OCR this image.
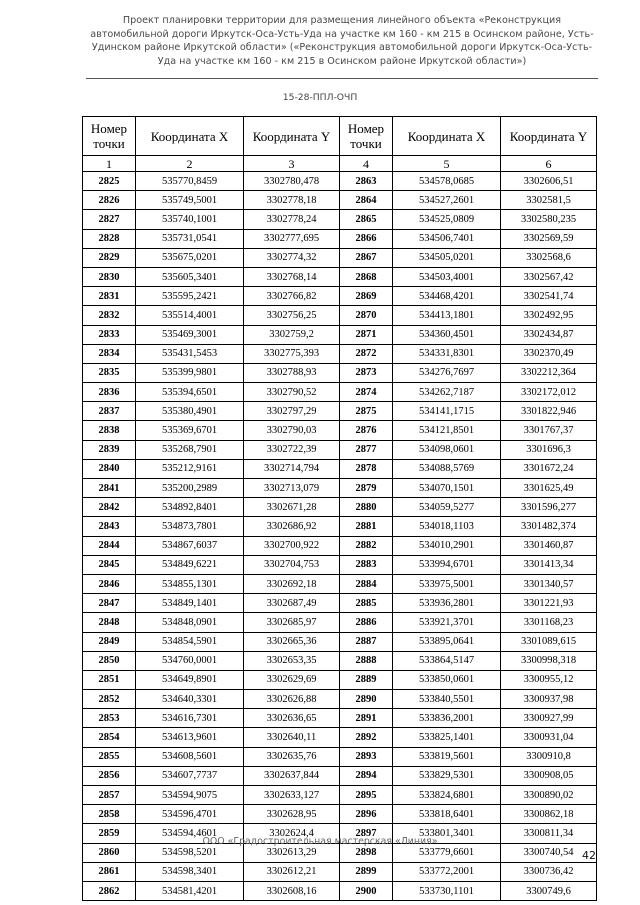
Проект планировки территории для размещения линейного объекта «Реконструкция автомобильной дороги Иркутск-Оса-Усть-Уда на участке км 160 - км 215 в Осинском районе, Усть-Удинском районе Иркутской области» («Реконструкция автомобильной дороги Иркутск-Оса-Усть-Уда на участке км 160 - км 215 в Осинском районе Иркутской области»)
15-28-ППЛ-ОЧП
Номер точки	Координата X	Координата Y	Номер точки	Координата X	Координата Y
1	2	3	4	5	6
2825	535770,8459	3302780,478	2863	534578,0685	3302606,51
2826	535749,5001	3302778,18	2864	534527,2601	3302581,5
2827	535740,1001	3302778,24	2865	534525,0809	3302580,235
2828	535731,0541	3302777,695	2866	534506,7401	3302569,59
2829	535675,0201	3302774,32	2867	534505,0201	3302568,6
2830	535605,3401	3302768,14	2868	534503,4001	3302567,42
2831	535595,2421	3302766,82	2869	534468,4201	3302541,74
2832	535514,4001	3302756,25	2870	534413,1801	3302492,95
2833	535469,3001	3302759,2	2871	534360,4501	3302434,87
2834	535431,5453	3302775,393	2872	534331,8301	3302370,49
2835	535399,9801	3302788,93	2873	534276,7697	3302212,364
2836	535394,6501	3302790,52	2874	534262,7187	3302172,012
2837	535380,4901	3302797,29	2875	534141,1715	3301822,946
2838	535369,6701	3302790,03	2876	534121,8501	3301767,37
2839	535268,7901	3302722,39	2877	534098,0601	3301696,3
2840	535212,9161	3302714,794	2878	534088,5769	3301672,24
2841	535200,2989	3302713,079	2879	534070,1501	3301625,49
2842	534892,8401	3302671,28	2880	534059,5277	3301596,277
2843	534873,7801	3302686,92	2881	534018,1103	3301482,374
2844	534867,6037	3302700,922	2882	534010,2901	3301460,87
2845	534849,6221	3302704,753	2883	533994,6701	3301413,34
2846	534855,1301	3302692,18	2884	533975,5001	3301340,57
2847	534849,1401	3302687,49	2885	533936,2801	3301221,93
2848	534848,0901	3302685,97	2886	533921,3701	3301168,23
2849	534854,5901	3302665,36	2887	533895,0641	3301089,615
2850	534760,0001	3302653,35	2888	533864,5147	3300998,318
2851	534649,8901	3302629,69	2889	533850,0601	3300955,12
2852	534640,3301	3302626,88	2890	533840,5501	3300937,98
2853	534616,7301	3302636,65	2891	533836,2001	3300927,99
2854	534613,9601	3302640,11	2892	533825,1401	3300931,04
2855	534608,5601	3302635,76	2893	533819,5601	3300910,8
2856	534607,7737	3302637,844	2894	533829,5301	3300908,05
2857	534594,9075	3302633,127	2895	533824,6801	3300890,02
2858	534596,4701	3302628,95	2896	533818,6401	3300862,18
2859	534594,4601	3302624,4	2897	533801,3401	3300811,34
2860	534598,5201	3302613,29	2898	533779,6601	3300740,54
2861	534598,3401	3302612,21	2899	533772,2001	3300736,42
2862	534581,4201	3302608,16	2900	533730,1101	3300749,6
ООО «Градостроительная мастерская «Линия»
42
